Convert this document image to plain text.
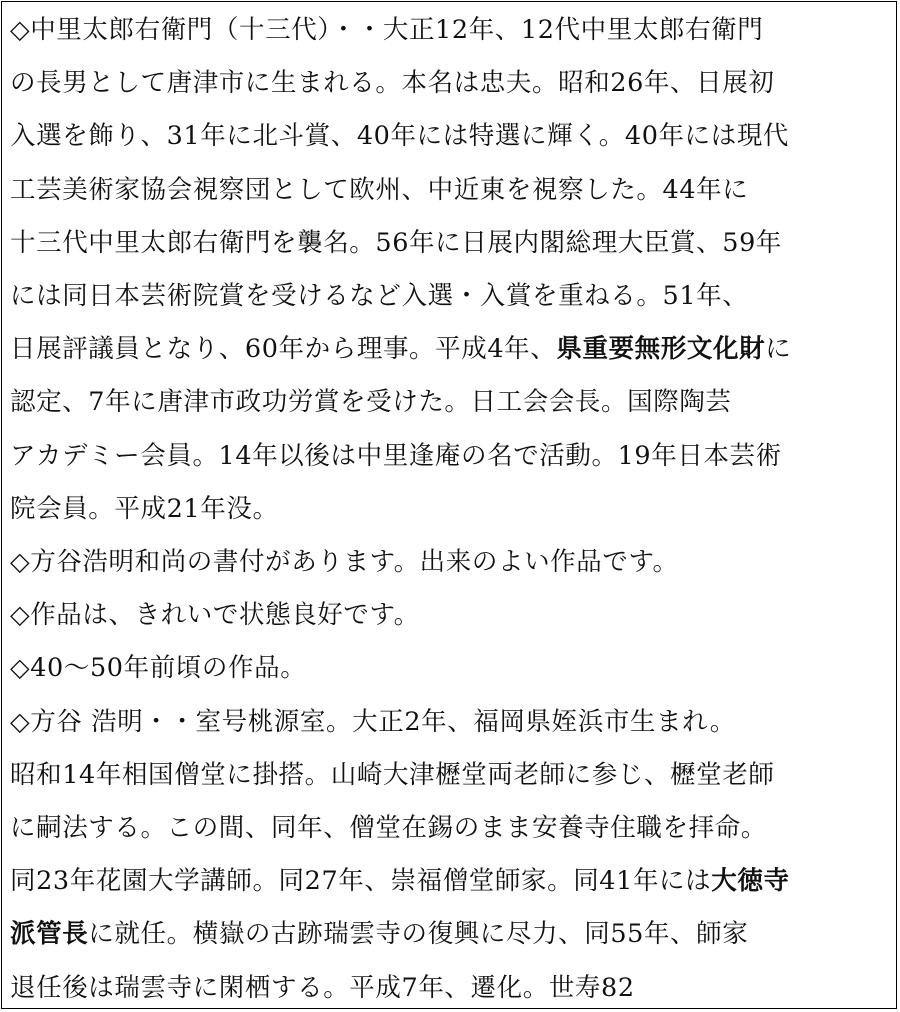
◇中里太郎右衛門（十三代）・・大正12年、12代中里太郎右衛門
の長男として唐津市に生まれる。本名は忠夫。昭和26年、日展初
入選を飾り、31年に北斗賞、40年には特選に輝く。40年には現代
工芸美術家協会視察団として欧州、中近東を視察した。44年に
十三代中里太郎右衛門を襲名。56年に日展内閣総理大臣賞、59年
には同日本芸術院賞を受けるなど入選・入賞を重ねる。51年、
日展評議員となり、60年から理事。平成4年、県重要無形文化財に
認定、7年に唐津市政功労賞を受けた。日工会会長。国際陶芸
アカデミー会員。14年以後は中里逢庵の名で活動。19年日本芸術
院会員。平成21年没。
◇方谷浩明和尚の書付があります。出来のよい作品です。
◇作品は、きれいで状態良好です。
◇40～50年前頃の作品。
◇方谷 浩明・・室号桃源室。大正2年、福岡県姪浜市生まれ。
昭和14年相国僧堂に掛搭。山崎大津櫪堂両老師に参じ、櫪堂老師
に嗣法する。この間、同年、僧堂在錫のまま安養寺住職を拝命。
同23年花園大学講師。同27年、崇福僧堂師家。同41年には大徳寺
派管長に就任。横嶽の古跡瑞雲寺の復興に尽力、同55年、師家
退任後は瑞雲寺に閑栖する。平成7年、遷化。世寿82
